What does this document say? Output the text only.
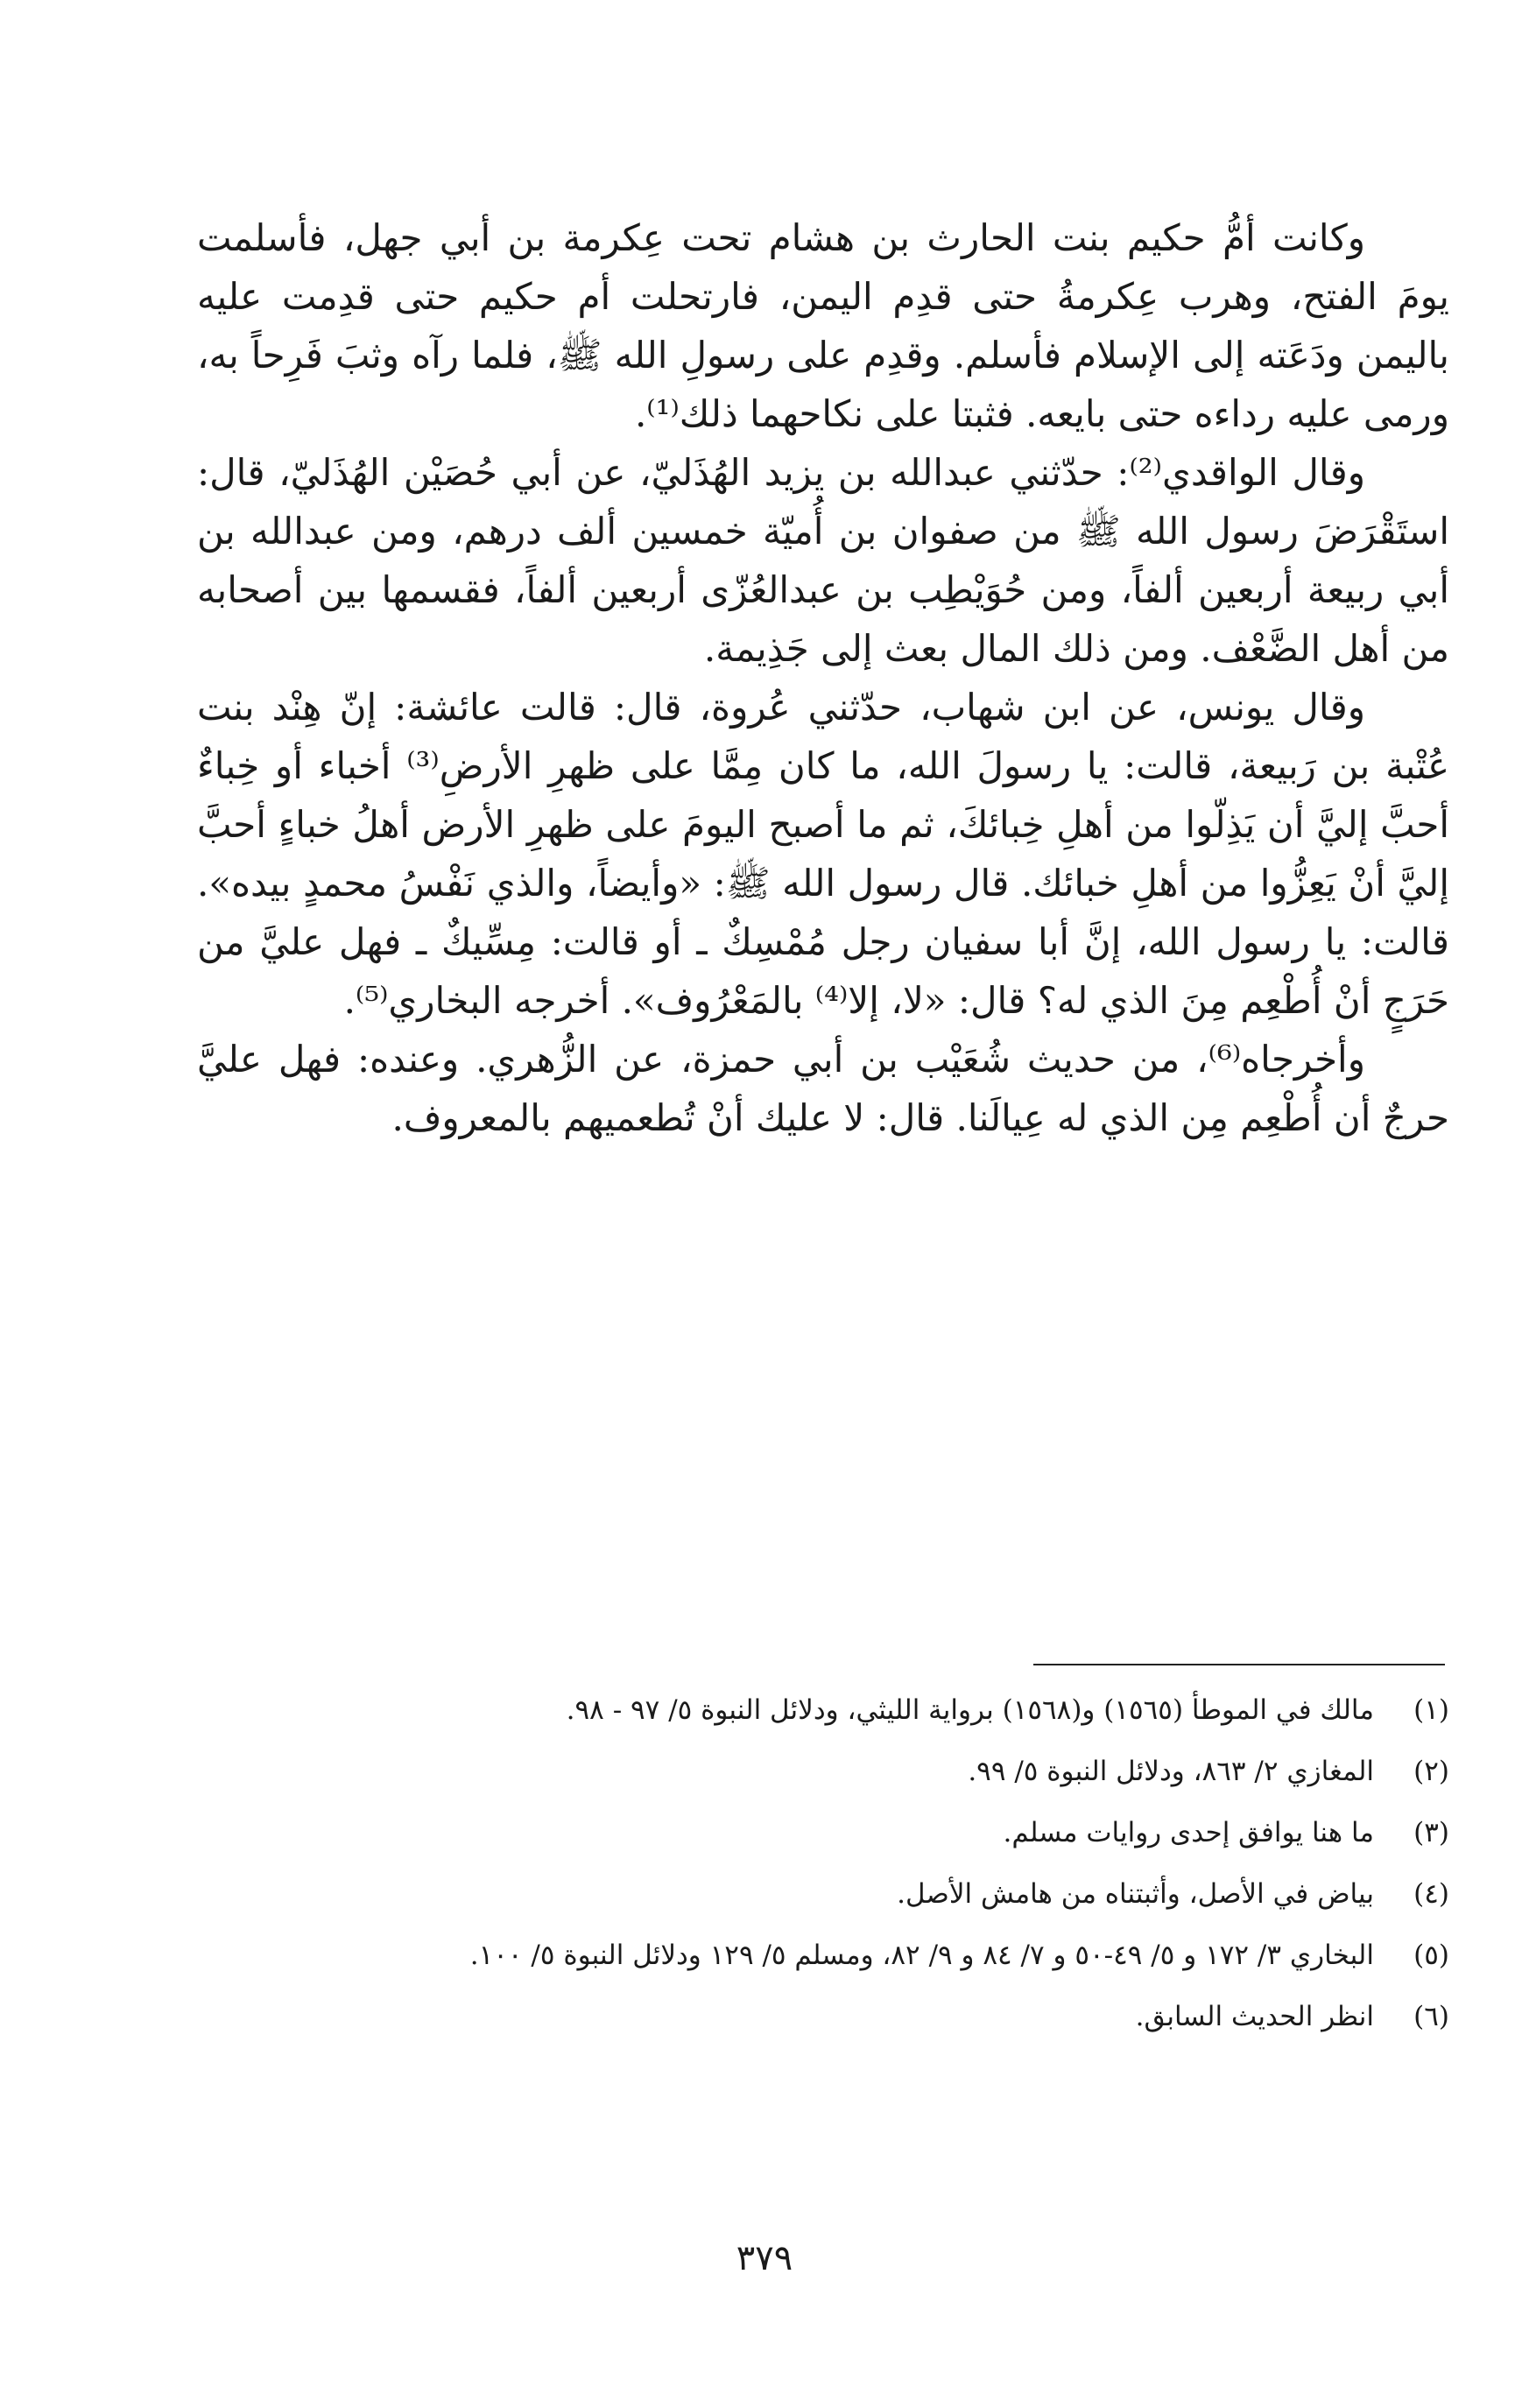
وكانت أمُّ حكيم بنت الحارث بن هشام تحت عِكرمة بن أبي جهل، فأسلمت يومَ الفتح، وهرب عِكرمةُ حتى قدِم اليمن، فارتحلت أم حكيم حتى قدِمت عليه باليمن ودَعَته إلى الإسلام فأسلم. وقدِم على رسولِ الله ﷺ، فلما رآه وثبَ فَرِحاً به، ورمى عليه رداءه حتى بايعه. فثبتا على نكاحهما ذلك⁽¹⁾.

وقال الواقدي⁽²⁾: حدّثني عبدالله بن يزيد الهُذَليّ، عن أبي حُصَيْن الهُذَليّ، قال: استَقْرَضَ رسول الله ﷺ من صفوان بن أُميّة خمسين ألف درهم، ومن عبدالله بن أبي ربيعة أربعين ألفاً، ومن حُوَيْطِب بن عبدالعُزّى أربعين ألفاً، فقسمها بين أصحابه من أهل الضَّعْف. ومن ذلك المال بعث إلى جَذِيمة.

وقال يونس، عن ابن شهاب، حدّثني عُروة، قال: قالت عائشة: إنّ هِنْد بنت عُتْبة بن رَبيعة، قالت: يا رسولَ الله، ما كان مِمَّا على ظهرِ الأرضِ⁽³⁾ أخباء أو خِباءٌ أحبَّ إليَّ أن يَذِلّوا من أهلِ خِبائكَ، ثم ما أصبح اليومَ على ظهرِ الأرض أهلُ خباءٍ أحبَّ إليَّ أنْ يَعِزُّوا من أهلِ خبائك. قال رسول الله ﷺ: «وأيضاً، والذي نَفْسُ محمدٍ بيده». قالت: يا رسول الله، إنَّ أبا سفيان رجل مُمْسِكٌ ـ أو قالت: مِسِّيكٌ ـ فهل عليَّ من حَرَجٍ أنْ أُطْعِم مِنَ الذي له؟ قال: «لا، إلا⁽⁴⁾ بالمَعْرُوف». أخرجه البخاري⁽⁵⁾.

وأخرجاه⁽⁶⁾، من حديث شُعَيْب بن أبي حمزة، عن الزُّهري. وعنده: فهل عليَّ حرجٌ أن أُطْعِم مِن الذي له عِيالَنا. قال: لا عليك أنْ تُطعميهم بالمعروف.

(١)
مالك في الموطأ (١٥٦٥) و(١٥٦٨) برواية الليثي، ودلائل النبوة ٥/ ٩٧ - ٩٨.
(٢)
المغازي ٢/ ٨٦٣، ودلائل النبوة ٥/ ٩٩.
(٣)
ما هنا يوافق إحدى روايات مسلم.
(٤)
بياض في الأصل، وأثبتناه من هامش الأصل.
(٥)
البخاري ٣/ ١٧٢ و ٥/ ٤٩-٥٠ و ٧/ ٨٤ و ٩/ ٨٢، ومسلم ٥/ ١٢٩ ودلائل النبوة ٥/ ١٠٠.
(٦)
انظر الحديث السابق.
٣٧٩
